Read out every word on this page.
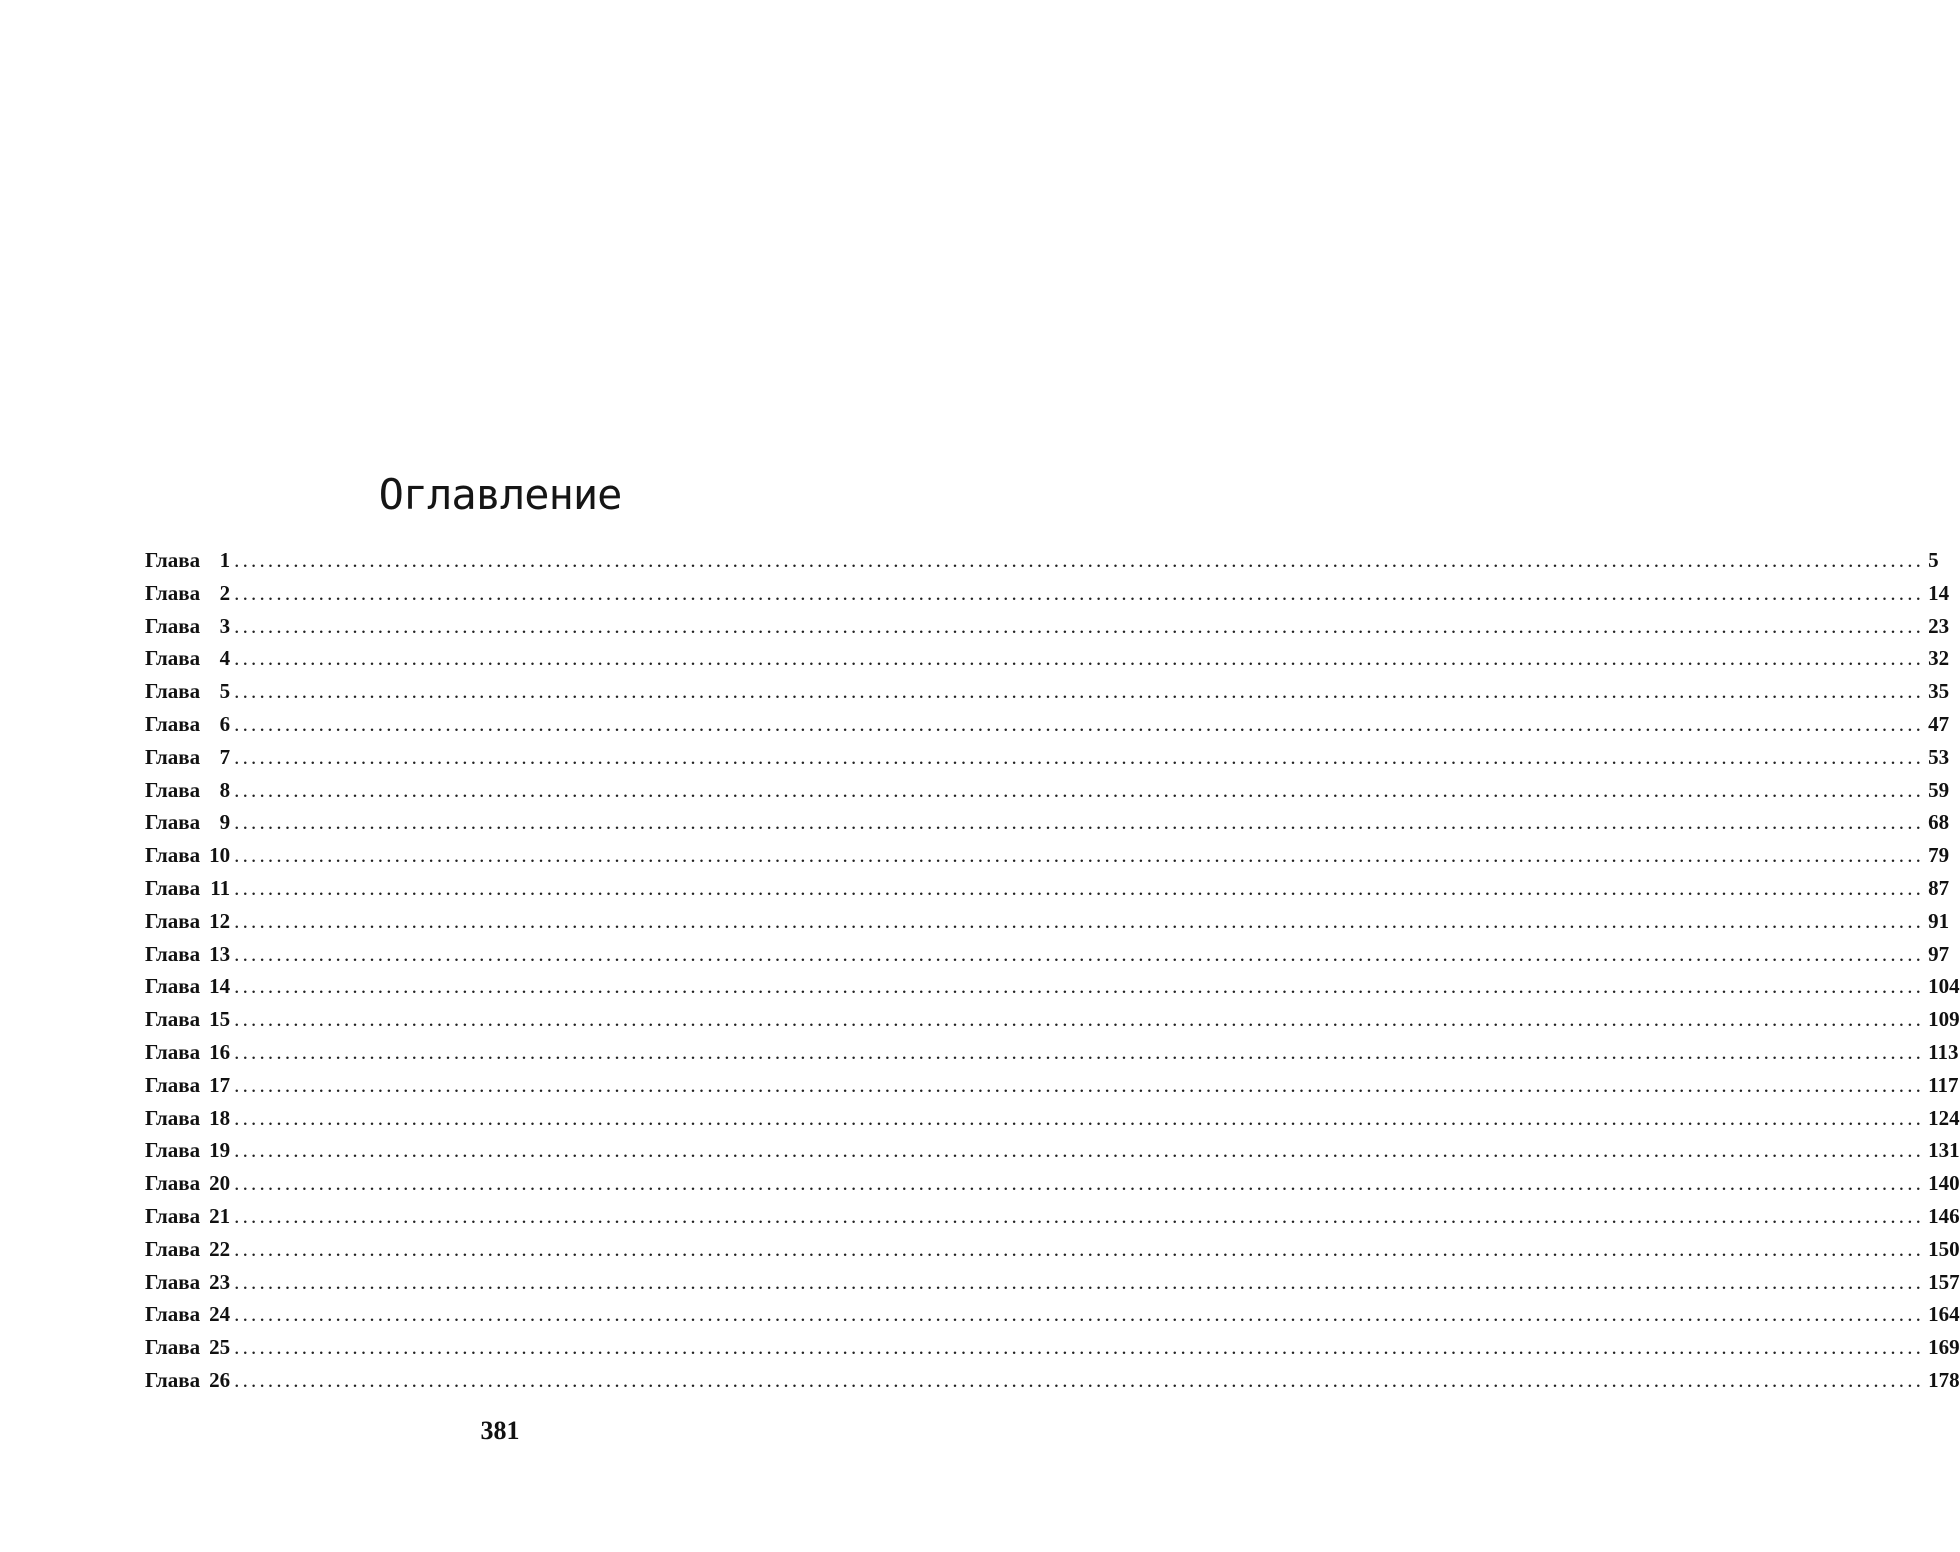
Оглавление
Глава 1 ........................................................................................................................................................................................................ 5
Глава 2 ........................................................................................................................................................................................................ 14
Глава 3 ........................................................................................................................................................................................................ 23
Глава 4 ........................................................................................................................................................................................................ 32
Глава 5 ........................................................................................................................................................................................................ 35
Глава 6 ........................................................................................................................................................................................................ 47
Глава 7 ........................................................................................................................................................................................................ 53
Глава 8 ........................................................................................................................................................................................................ 59
Глава 9 ........................................................................................................................................................................................................ 68
Глава 10 ........................................................................................................................................................................................................ 79
Глава 11 ........................................................................................................................................................................................................ 87
Глава 12 ........................................................................................................................................................................................................ 91
Глава 13 ........................................................................................................................................................................................................ 97
Глава 14 ........................................................................................................................................................................................................ 104
Глава 15 ........................................................................................................................................................................................................ 109
Глава 16 ........................................................................................................................................................................................................ 113
Глава 17 ........................................................................................................................................................................................................ 117
Глава 18 ........................................................................................................................................................................................................ 124
Глава 19 ........................................................................................................................................................................................................ 131
Глава 20 ........................................................................................................................................................................................................ 140
Глава 21 ........................................................................................................................................................................................................ 146
Глава 22 ........................................................................................................................................................................................................ 150
Глава 23 ........................................................................................................................................................................................................ 157
Глава 24 ........................................................................................................................................................................................................ 164
Глава 25 ........................................................................................................................................................................................................ 169
Глава 26 ........................................................................................................................................................................................................ 178
381
